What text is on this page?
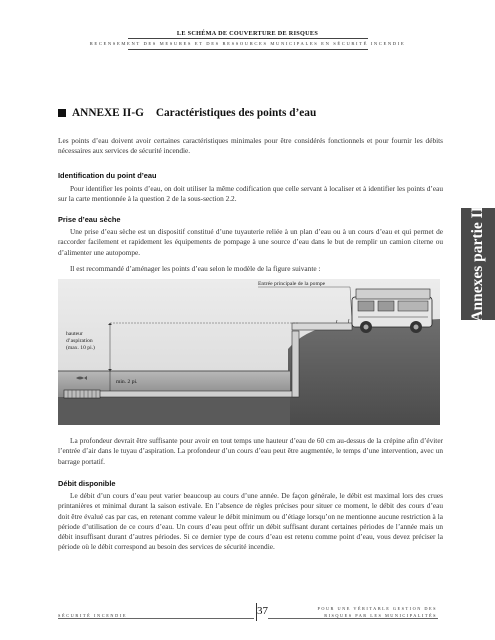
LE SCHÉMA DE COUVERTURE DE RISQUES
RECENSEMENT DES MESURES ET DES RESSOURCES MUNICIPALES EN SÉCURITÉ INCENDIE
Annexes partie II
ANNEXE II-G Caractéristiques des points d’eau

Les points d’eau doivent avoir certaines caractéristiques minimales pour être considérés fonctionnels et pour fournir les débits nécessaires aux services de sécurité incendie.

Identification du point d’eau

Pour identifier les points d’eau, on doit utiliser la même codification que celle servant à localiser et à identifier les points d’eau sur la carte mentionnée à la question 2 de la sous-section 2.2.

Prise d’eau sèche

Une prise d’eau sèche est un dispositif constitué d’une tuyauterie reliée à un plan d’eau ou à un cours d’eau et qui permet de raccorder facilement et rapidement les équipements de pompage à une source d’eau dans le but de remplir un camion citerne ou d’alimenter une autopompe.

Il est recommandé d’aménager les points d’eau selon le modèle de la figure suivante :

Entrée principale de la pompe
hauteur
d’aspiration
(max. 10 pi.)
min. 2 pi.

La profondeur devrait être suffisante pour avoir en tout temps une hauteur d’eau de 60 cm au-dessus de la crépine afin d’éviter l’entrée d’air dans le tuyau d’aspiration. La profondeur d’un cours d’eau peut être augmentée, le temps d’une intervention, avec un barrage portatif.

Débit disponible

Le débit d’un cours d’eau peut varier beaucoup au cours d’une année. De façon générale, le débit est maximal lors des crues printanières et minimal durant la saison estivale. En l’absence de règles précises pour situer ce moment, le débit des cours d’eau doit être évalué cas par cas, en retenant comme valeur le débit minimum ou d’étiage lorsqu’on ne mentionne aucune restriction à la période d’utilisation de ce cours d’eau. Un cours d’eau peut offrir un débit suffisant durant certaines périodes de l’année mais un débit insuffisant durant d’autres périodes. Si ce dernier type de cours d’eau est retenu comme point d’eau, vous devez préciser la période où le débit correspond au besoin des services de sécurité incendie.

SÉCURITÉ INCENDIE	37	POUR UNE VÉRITABLE GESTION DES RISQUES PAR LES MUNICIPALITÉS
